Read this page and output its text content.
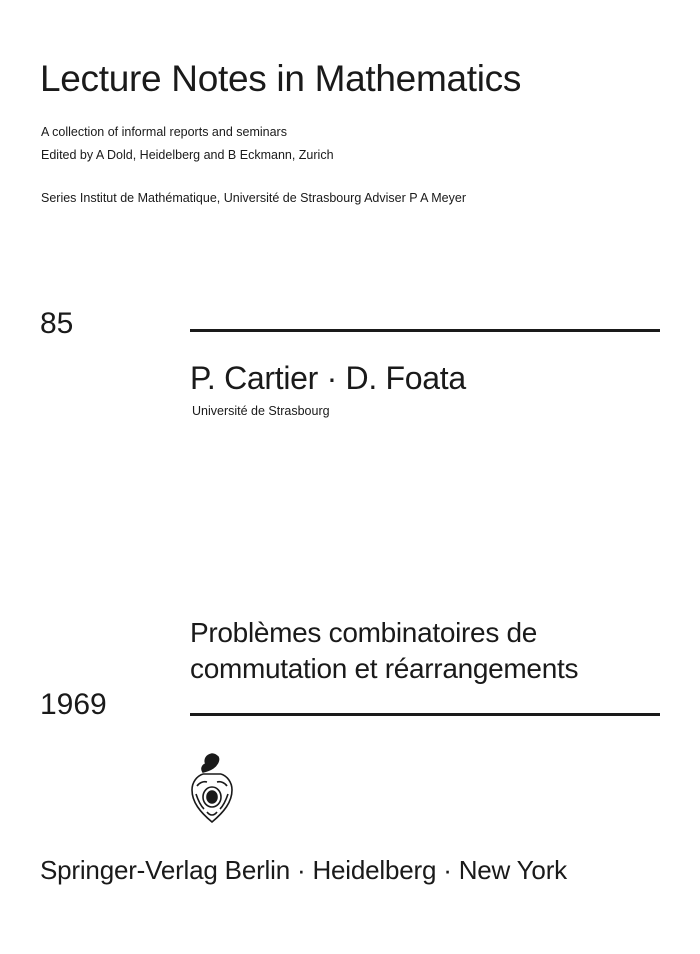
Lecture Notes in Mathematics
A collection of informal reports and seminars
Edited by A Dold, Heidelberg and B Eckmann, Zurich
Series Institut de Mathématique, Université de Strasbourg Adviser P A Meyer
85
P. Cartier · D. Foata
Université de Strasbourg
Problèmes combinatoires de
commutation et réarrangements
1969
Springer-Verlag Berlin · Heidelberg · New York
